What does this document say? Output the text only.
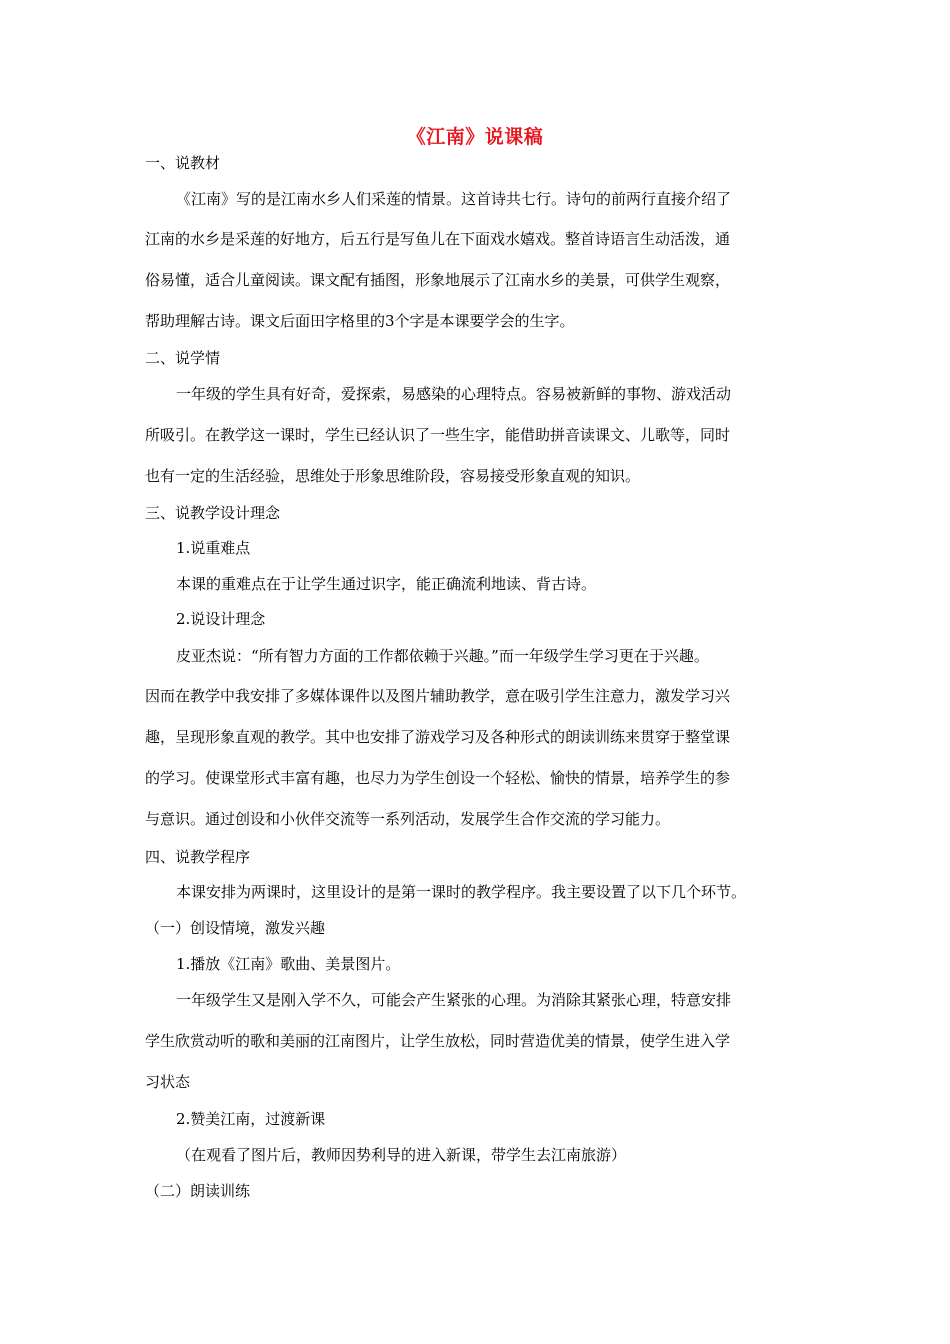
《江南》说课稿
一、说教材
《江南》写的是江南水乡人们采莲的情景。这首诗共七行。诗句的前两行直接介绍了
江南的水乡是采莲的好地方，后五行是写鱼儿在下面戏水嬉戏。整首诗语言生动活泼，通
俗易懂，适合儿童阅读。课文配有插图，形象地展示了江南水乡的美景，可供学生观察，
帮助理解古诗。课文后面田字格里的3个字是本课要学会的生字。
二、说学情
一年级的学生具有好奇，爱探索，易感染的心理特点。容易被新鲜的事物、游戏活动
所吸引。在教学这一课时，学生已经认识了一些生字，能借助拼音读课文、儿歌等，同时
也有一定的生活经验，思维处于形象思维阶段，容易接受形象直观的知识。
三、说教学设计理念
1.说重难点
本课的重难点在于让学生通过识字，能正确流利地读、背古诗。
2.说设计理念
皮亚杰说：“所有智力方面的工作都依赖于兴趣。”而一年级学生学习更在于兴趣。
因而在教学中我安排了多媒体课件以及图片辅助教学，意在吸引学生注意力，激发学习兴
趣，呈现形象直观的教学。其中也安排了游戏学习及各种形式的朗读训练来贯穿于整堂课
的学习。使课堂形式丰富有趣，也尽力为学生创设一个轻松、愉快的情景，培养学生的参
与意识。通过创设和小伙伴交流等一系列活动，发展学生合作交流的学习能力。
四、说教学程序
本课安排为两课时，这里设计的是第一课时的教学程序。我主要设置了以下几个环节。
（一）创设情境，激发兴趣
1.播放《江南》歌曲、美景图片。
一年级学生又是刚入学不久，可能会产生紧张的心理。为消除其紧张心理，特意安排
学生欣赏动听的歌和美丽的江南图片，让学生放松，同时营造优美的情景，使学生进入学
习状态
2.赞美江南，过渡新课
（在观看了图片后，教师因势利导的进入新课，带学生去江南旅游）
（二）朗读训练
